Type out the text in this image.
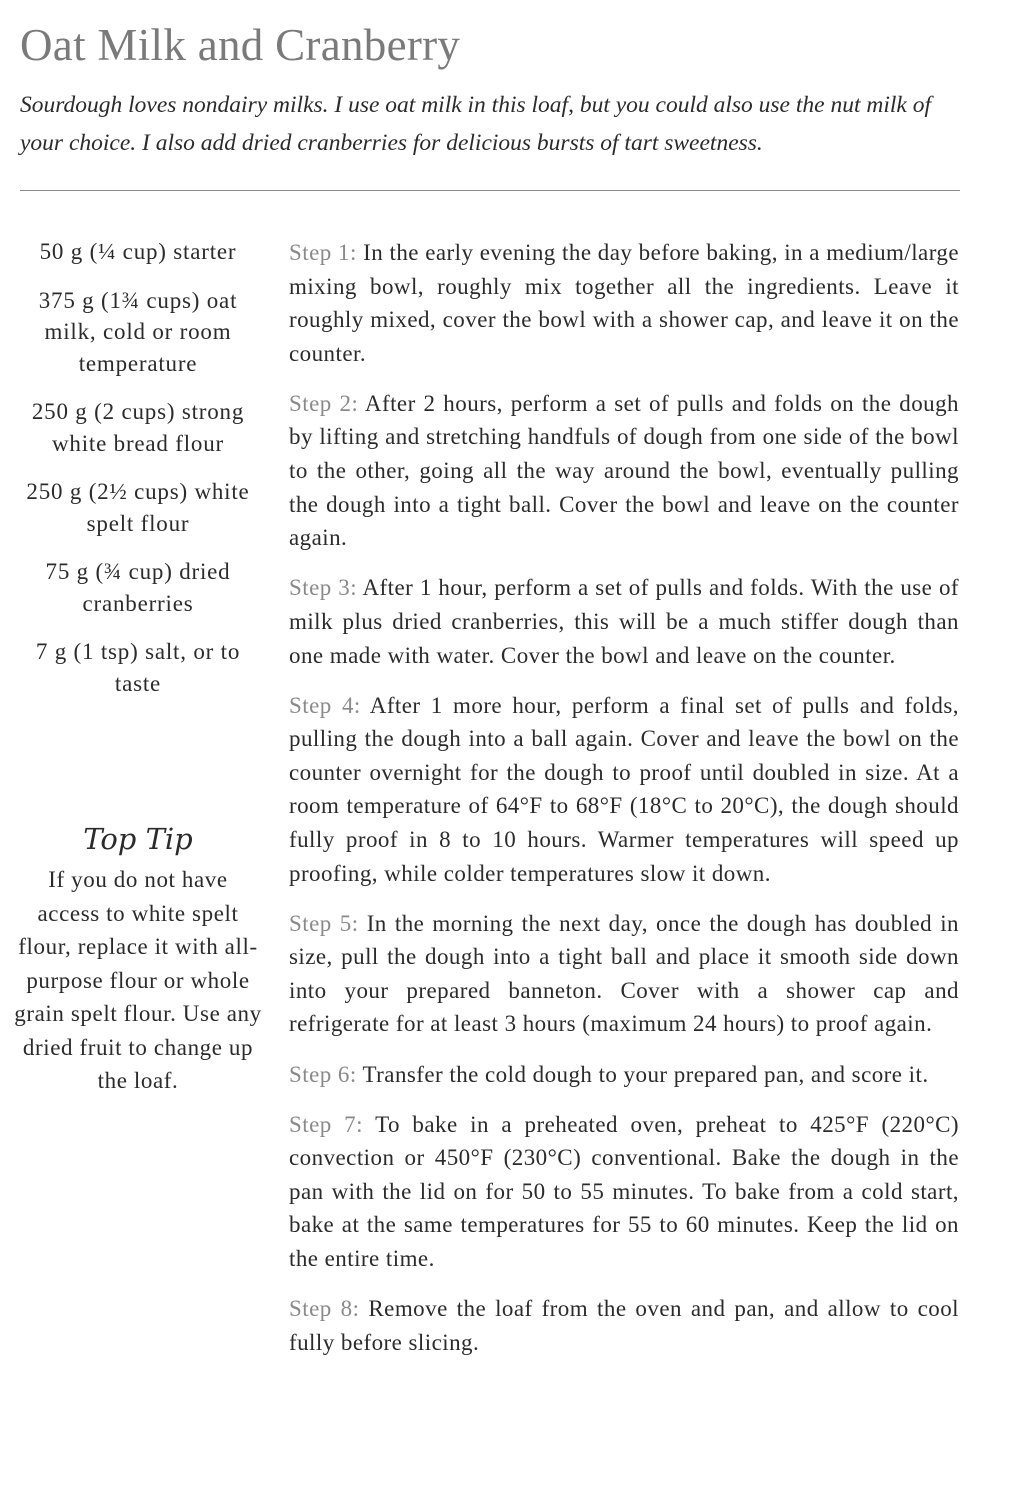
Oat Milk and Cranberry

Sourdough loves nondairy milks. I use oat milk in this loaf, but you could also use the nut milk of your choice. I also add dried cranberries for delicious bursts of tart sweetness.

50 g (¼ cup) starter
375 g (1¾ cups) oat milk, cold or room temperature
250 g (2 cups) strong white bread flour
250 g (2½ cups) white spelt flour
75 g (¾ cup) dried cranberries
7 g (1 tsp) salt, or to taste
Top Tip

If you do not have access to white spelt flour, replace it with all-purpose flour or whole grain spelt flour. Use any dried fruit to change up the loaf.

Step 1: In the early evening the day before baking, in a medium/large mixing bowl, roughly mix together all the ingredients. Leave it roughly mixed, cover the bowl with a shower cap, and leave it on the counter.
Step 2: After 2 hours, perform a set of pulls and folds on the dough by lifting and stretching handfuls of dough from one side of the bowl to the other, going all the way around the bowl, eventually pulling the dough into a tight ball. Cover the bowl and leave on the counter again.
Step 3: After 1 hour, perform a set of pulls and folds. With the use of milk plus dried cranberries, this will be a much stiffer dough than one made with water. Cover the bowl and leave on the counter.
Step 4: After 1 more hour, perform a final set of pulls and folds, pulling the dough into a ball again. Cover and leave the bowl on the counter overnight for the dough to proof until doubled in size. At a room temperature of 64°F to 68°F (18°C to 20°C), the dough should fully proof in 8 to 10 hours. Warmer temperatures will speed up proofing, while colder temperatures slow it down.
Step 5: In the morning the next day, once the dough has doubled in size, pull the dough into a tight ball and place it smooth side down into your prepared banneton. Cover with a shower cap and refrigerate for at least 3 hours (maximum 24 hours) to proof again.
Step 6: Transfer the cold dough to your prepared pan, and score it.
Step 7: To bake in a preheated oven, preheat to 425°F (220°C) convection or 450°F (230°C) conventional. Bake the dough in the pan with the lid on for 50 to 55 minutes. To bake from a cold start, bake at the same temperatures for 55 to 60 minutes. Keep the lid on the entire time.
Step 8: Remove the loaf from the oven and pan, and allow to cool fully before slicing.
